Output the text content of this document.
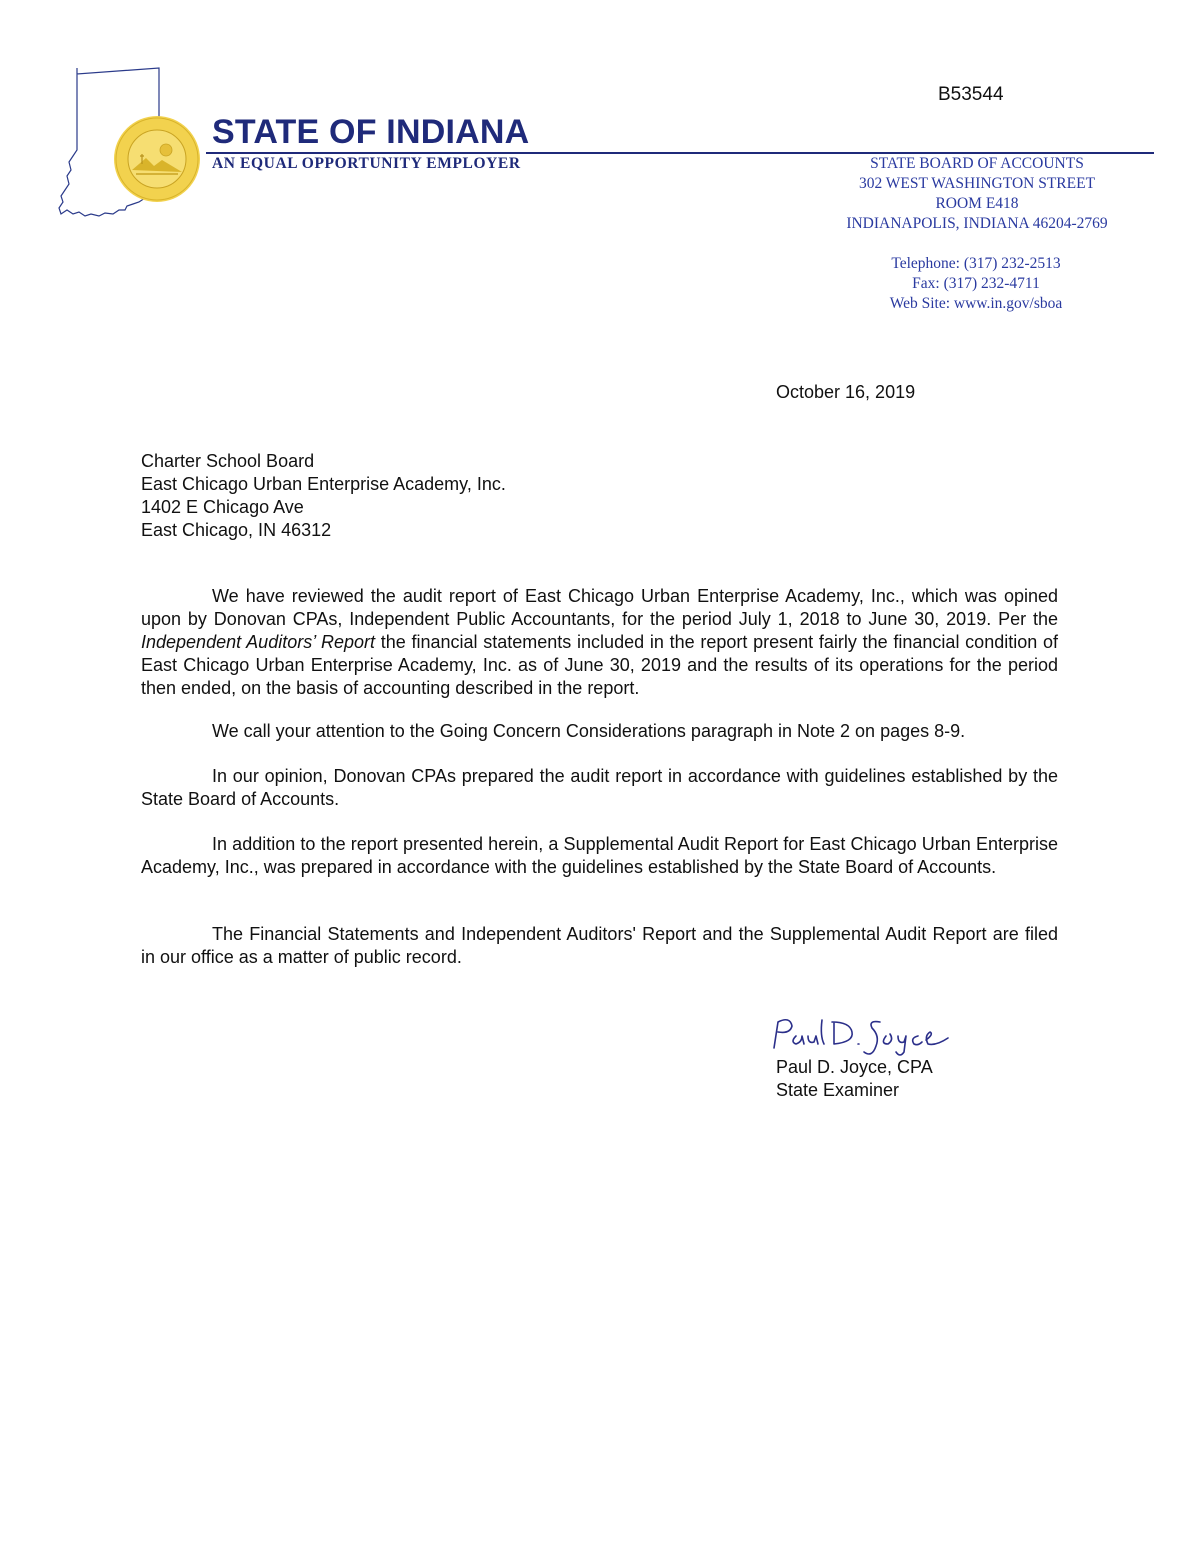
B53544
STATE OF INDIANA
AN EQUAL OPPORTUNITY EMPLOYER	STATE BOARD OF ACCOUNTS
302 WEST WASHINGTON STREET
ROOM E418
INDIANAPOLIS, INDIANA 46204-2769
Telephone: (317) 232-2513
Fax: (317) 232-4711
Web Site: www.in.gov/sboa
October 16, 2019
Charter School Board
East Chicago Urban Enterprise Academy, Inc.
1402 E Chicago Ave
East Chicago, IN 46312

We have reviewed the audit report of East Chicago Urban Enterprise Academy, Inc., which was opined upon by Donovan CPAs, Independent Public Accountants, for the period July 1, 2018 to June 30, 2019. Per the Independent Auditors’ Report the financial statements included in the report present fairly the financial condition of East Chicago Urban Enterprise Academy, Inc. as of June 30, 2019 and the results of its operations for the period then ended, on the basis of accounting described in the report.

We call your attention to the Going Concern Considerations paragraph in Note 2 on pages 8-9.

In our opinion, Donovan CPAs prepared the audit report in accordance with guidelines established by the State Board of Accounts.

In addition to the report presented herein, a Supplemental Audit Report for East Chicago Urban Enterprise Academy, Inc., was prepared in accordance with the guidelines established by the State Board of Accounts.

The Financial Statements and Independent Auditors' Report and the Supplemental Audit Report are filed in our office as a matter of public record.

Paul D. Joyce, CPA
State Examiner
